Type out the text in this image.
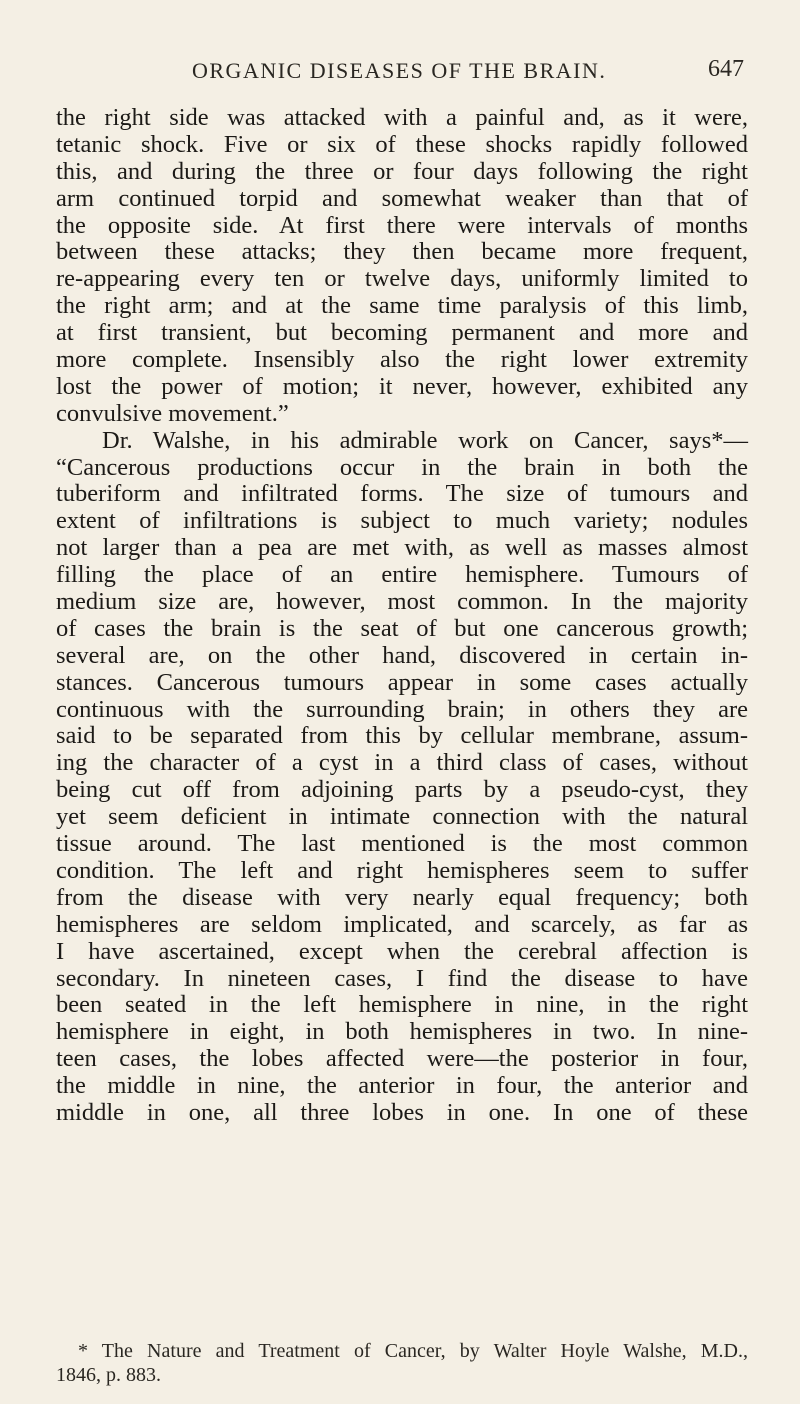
ORGANIC DISEASES OF THE BRAIN.	647
the right side was attacked with a painful and, as it were,
tetanic shock. Five or six of these shocks rapidly followed
this, and during the three or four days following the right
arm continued torpid and somewhat weaker than that of
the opposite side. At first there were intervals of months
between these attacks; they then became more frequent,
re-appearing every ten or twelve days, uniformly limited to
the right arm; and at the same time paralysis of this limb,
at first transient, but becoming permanent and more and
more complete. Insensibly also the right lower extremity
lost the power of motion; it never, however, exhibited any
convulsive movement.”
Dr. Walshe, in his admirable work on Cancer, says*—
“Cancerous productions occur in the brain in both the
tuberiform and infiltrated forms. The size of tumours and
extent of infiltrations is subject to much variety; nodules
not larger than a pea are met with, as well as masses almost
filling the place of an entire hemisphere. Tumours of
medium size are, however, most common. In the majority
of cases the brain is the seat of but one cancerous growth;
several are, on the other hand, discovered in certain in-
stances. Cancerous tumours appear in some cases actually
continuous with the surrounding brain; in others they are
said to be separated from this by cellular membrane, assum-
ing the character of a cyst in a third class of cases, without
being cut off from adjoining parts by a pseudo-cyst, they
yet seem deficient in intimate connection with the natural
tissue around. The last mentioned is the most common
condition. The left and right hemispheres seem to suffer
from the disease with very nearly equal frequency; both
hemispheres are seldom implicated, and scarcely, as far as
I have ascertained, except when the cerebral affection is
secondary. In nineteen cases, I find the disease to have
been seated in the left hemisphere in nine, in the right
hemisphere in eight, in both hemispheres in two. In nine-
teen cases, the lobes affected were—the posterior in four,
the middle in nine, the anterior in four, the anterior and
middle in one, all three lobes in one. In one of these
* The Nature and Treatment of Cancer, by Walter Hoyle Walshe, M.D.,
1846, p. 883.
